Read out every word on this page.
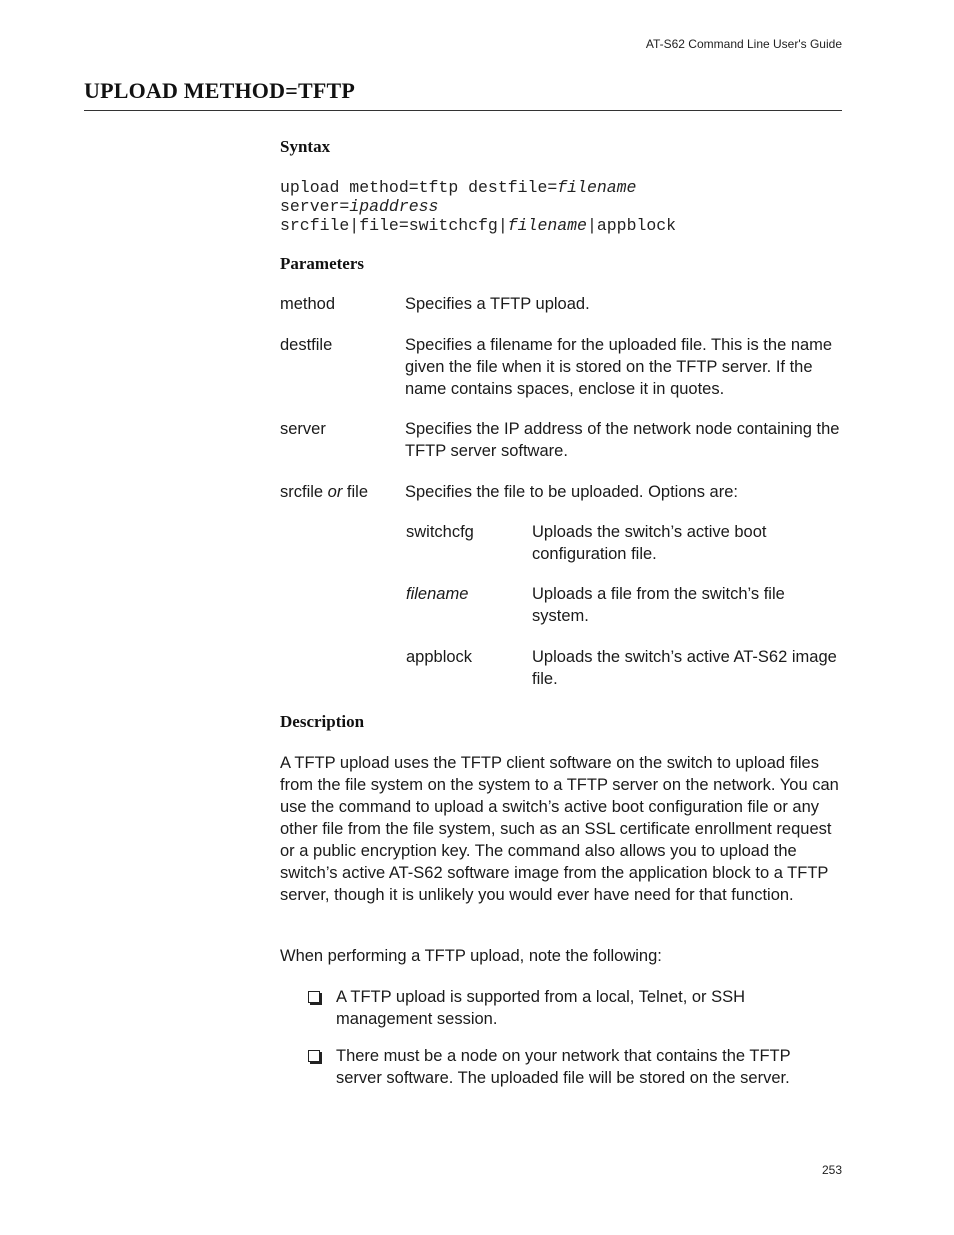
AT-S62 Command Line User's Guide
UPLOAD METHOD=TFTP
Syntax
upload method=tftp destfile=filename
server=ipaddress
srcfile|file=switchcfg|filename|appblock
Parameters
method	Specifies a TFTP upload.
destfile	Specifies a filename for the uploaded file. This is the name given the file when it is stored on the TFTP server. If the name contains spaces, enclose it in quotes.
server	Specifies the IP address of the network node containing the TFTP server software.
srcfile or file Specifies the file to be uploaded. Options are:
switchcfg	Uploads the switch’s active boot configuration file.
filename	Uploads a file from the switch’s file system.
appblock	Uploads the switch’s active AT-S62 image file.
Description
A TFTP upload uses the TFTP client software on the switch to upload files from the file system on the system to a TFTP server on the network. You can use the command to upload a switch’s active boot configuration file or any other file from the file system, such as an SSL certificate enrollment request or a public encryption key. The command also allows you to upload the switch’s active AT-S62 software image from the application block to a TFTP server, though it is unlikely you would ever have need for that function.
When performing a TFTP upload, note the following:
A TFTP upload is supported from a local, Telnet, or SSH management session.
There must be a node on your network that contains the TFTP server software. The uploaded file will be stored on the server.
253
